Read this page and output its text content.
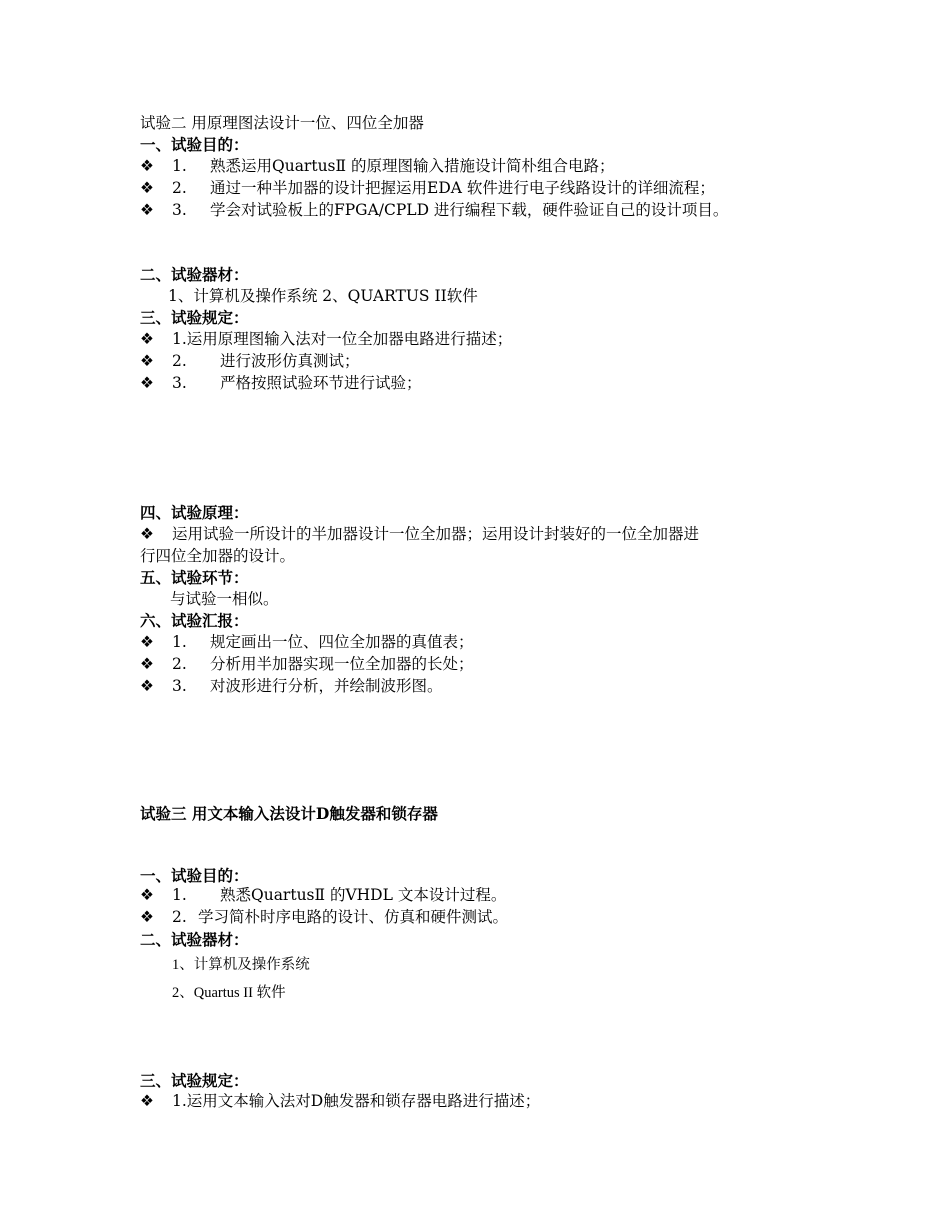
试验二 用原理图法设计一位、四位全加器
一、试验目的：
❖ 1. 熟悉运用QuartusⅡ 的原理图输入措施设计简朴组合电路；
❖ 2. 通过一种半加器的设计把握运用EDA 软件进行电子线路设计的详细流程；
❖ 3. 学会对试验板上的FPGA/CPLD 进行编程下载，硬件验证自己的设计项目。
二、试验器材：
1、计算机及操作系统 2、QUARTUS II软件
三、试验规定：
❖ 1.运用原理图输入法对一位全加器电路进行描述；
❖ 2. 进行波形仿真测试；
❖ 3. 严格按照试验环节进行试验；
四、试验原理：
❖ 运用试验一所设计的半加器设计一位全加器；运用设计封装好的一位全加器进
行四位全加器的设计。
五、试验环节：
与试验一相似。
六、试验汇报：
❖ 1. 规定画出一位、四位全加器的真值表；
❖ 2. 分析用半加器实现一位全加器的长处；
❖ 3. 对波形进行分析，并绘制波形图。
试验三 用文本输入法设计D触发器和锁存器
一、试验目的：
❖ 1. 熟悉QuartusⅡ 的VHDL 文本设计过程。
❖ 2. 学习简朴时序电路的设计、仿真和硬件测试。
二、试验器材：
1、计算机及操作系统
2、Quartus II 软件
三、试验规定：
❖ 1.运用文本输入法对D触发器和锁存器电路进行描述；
